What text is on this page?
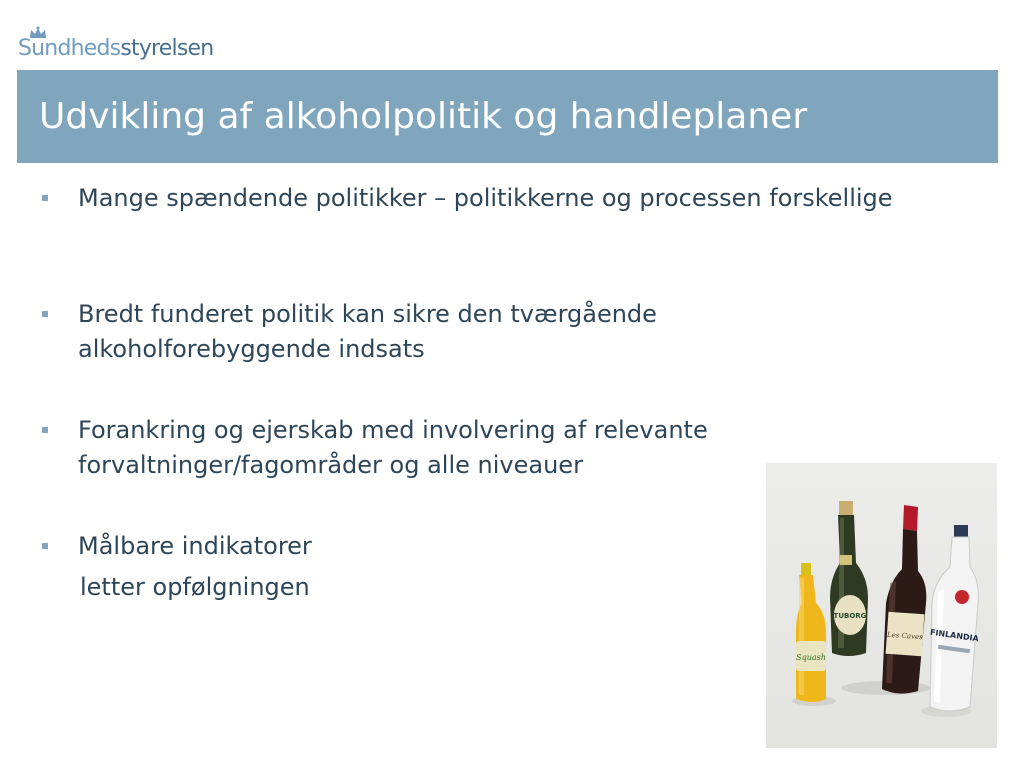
Sundhedsstyrelsen
Udvikling af alkoholpolitik og handleplaner
Mange spændende politikker – politikkerne og processen forskellige
Bredt funderet politik kan sikre den tværgående alkoholforebyggende indsats
Forankring og ejerskab med involvering af relevante forvaltninger/fagområder og alle niveauer
Målbare indikatorer
letter opfølgningen
Squash
TUBORG
Les Caves FINLANDIA
